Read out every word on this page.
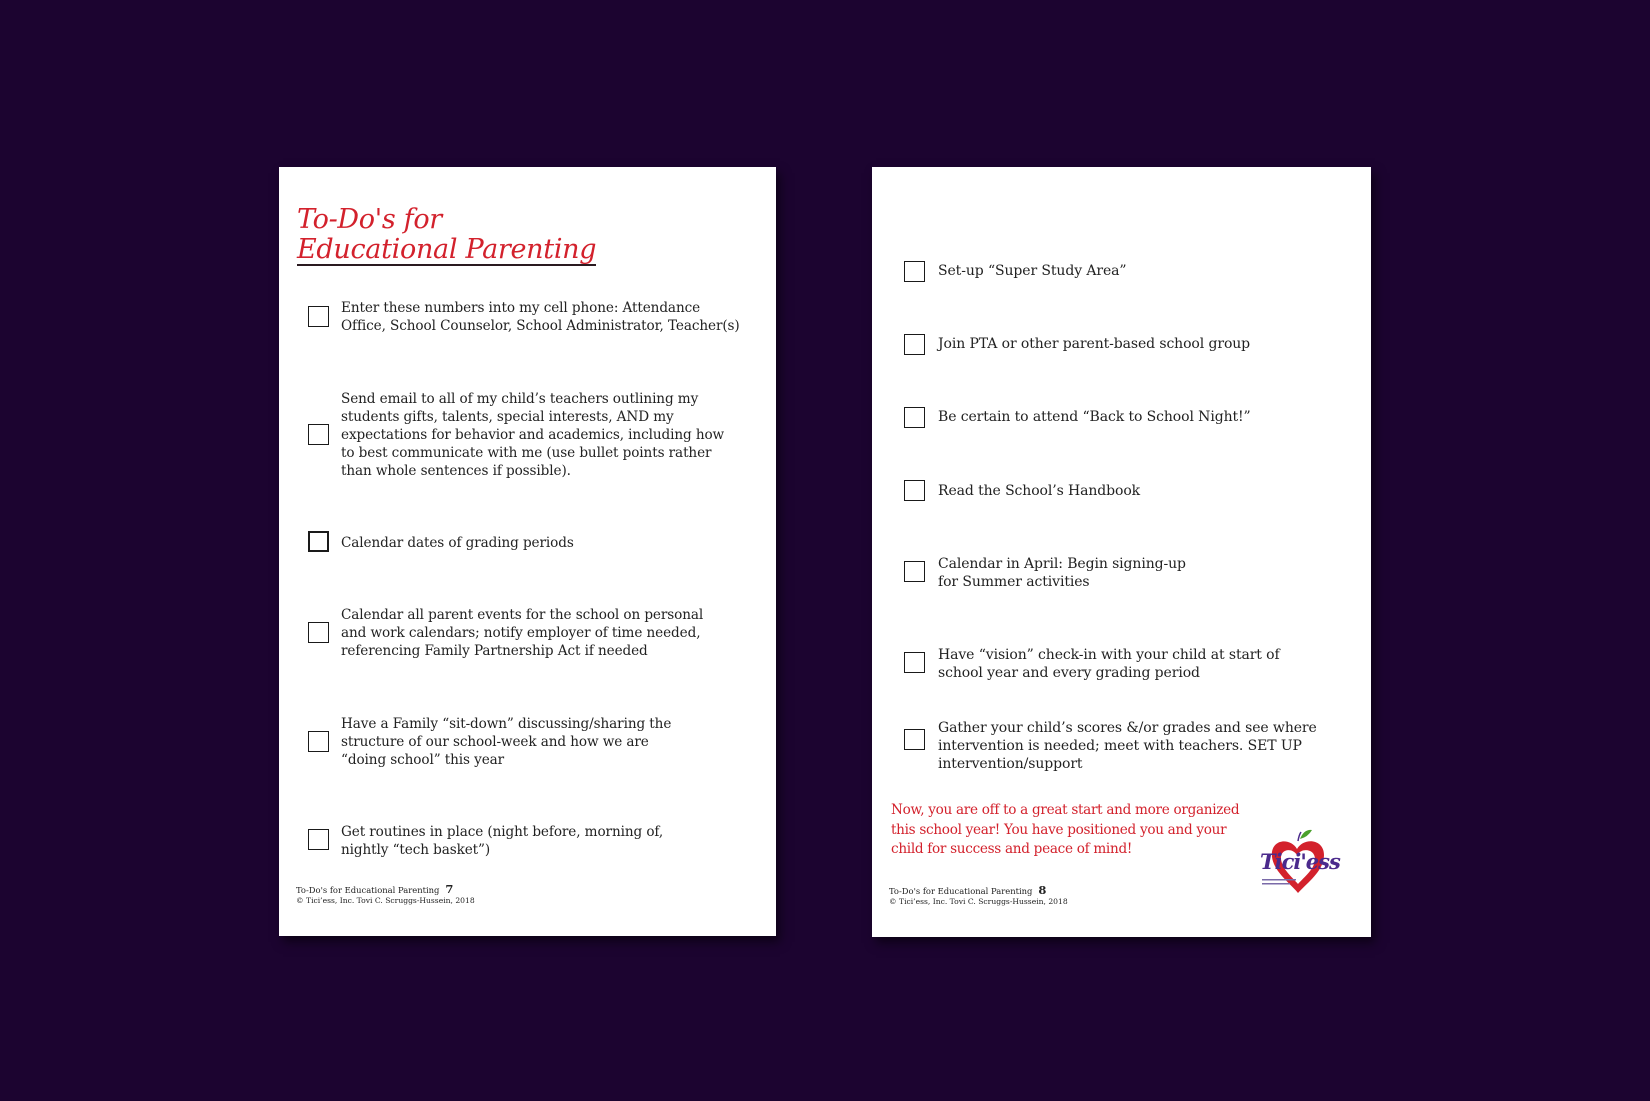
To-Do's for
Educational Parenting
Enter these numbers into my cell phone: Attendance
Office, School Counselor, School Administrator, Teacher(s)
Send email to all of my child’s teachers outlining my
students gifts, talents, special interests, AND my
expectations for behavior and academics, including how
to best communicate with me (use bullet points rather
than whole sentences if possible).
Calendar dates of grading periods
Calendar all parent events for the school on personal
and work calendars; notify employer of time needed,
referencing Family Partnership Act if needed
Have a Family “sit-down” discussing/sharing the
structure of our school-week and how we are
“doing school” this year
Get routines in place (night before, morning of,
nightly “tech basket”)
To-Do's for Educational Parenting 7
© Tici’ess, Inc. Tovi C. Scruggs-Hussein, 2018
Set-up “Super Study Area”
Join PTA or other parent-based school group
Be certain to attend “Back to School Night!”
Read the School’s Handbook
Calendar in April: Begin signing-up
for Summer activities
Have “vision” check-in with your child at start of
school year and every grading period
Gather your child’s scores &/or grades and see where
intervention is needed; meet with teachers. SET UP
intervention/support
Now, you are off to a great start and more organized
this school year! You have positioned you and your
child for success and peace of mind!	Tici'ess
To-Do's for Educational Parenting 8
© Tici’ess, Inc. Tovi C. Scruggs-Hussein, 2018
